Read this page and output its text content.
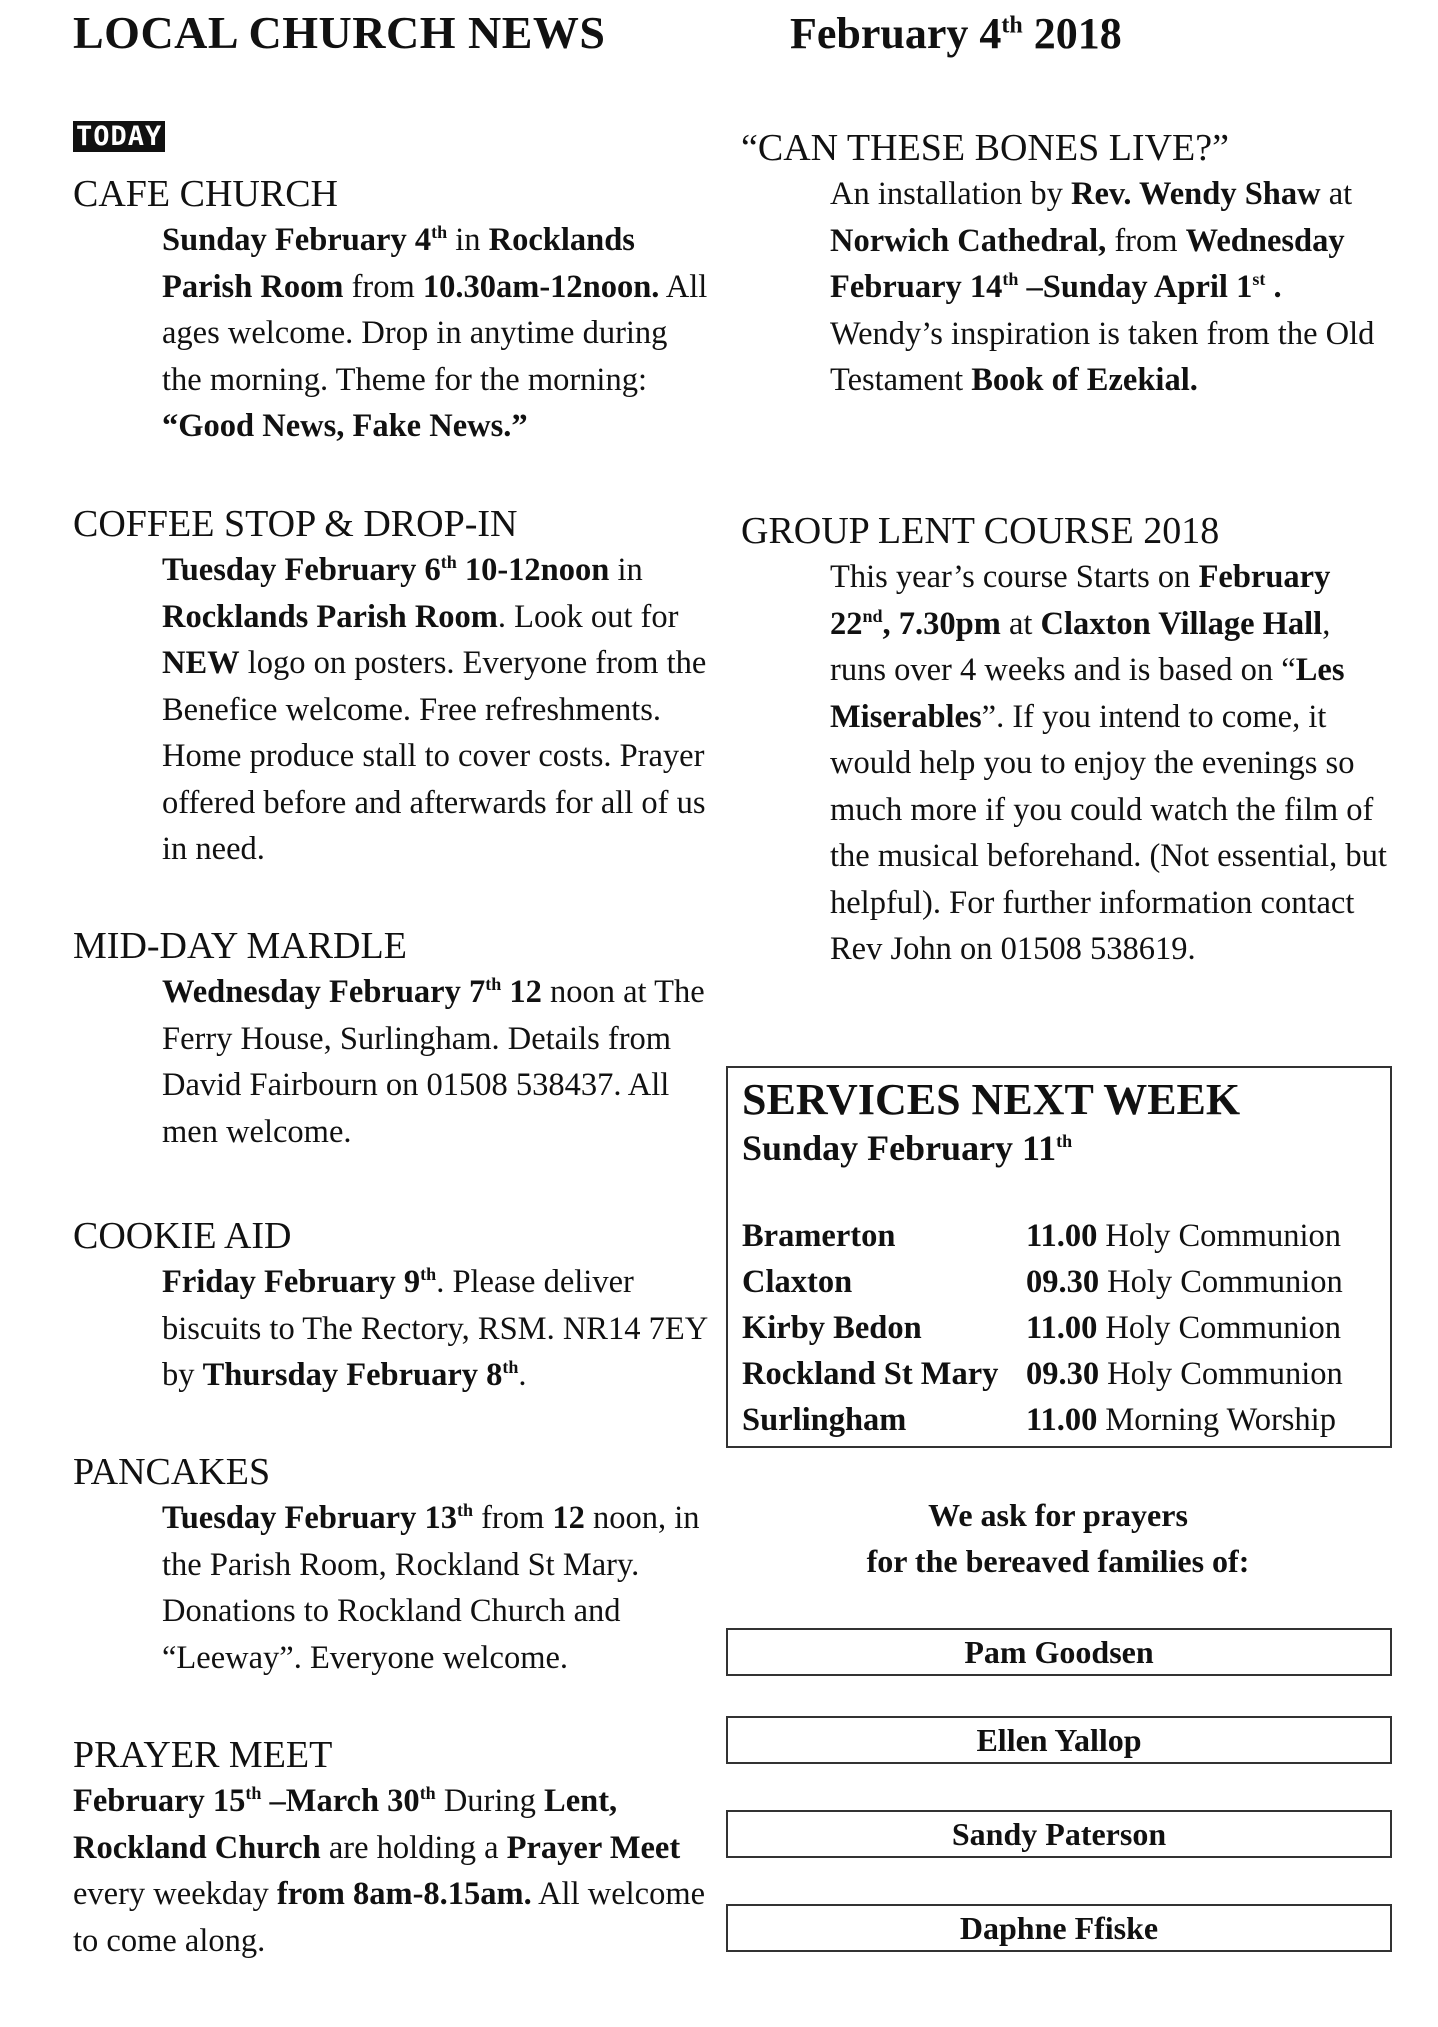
LOCAL CHURCH NEWS	February 4th 2018
TODAY

CAFE CHURCH

Sunday February 4th in Rocklands Parish Room from 10.30am-12noon. All ages welcome. Drop in anytime during the morning. Theme for the morning: “Good News, Fake News.”

COFFEE STOP & DROP-IN

Tuesday February 6th 10-12noon in Rocklands Parish Room. Look out for NEW logo on posters. Everyone from the Benefice welcome. Free refreshments. Home produce stall to cover costs. Prayer offered before and afterwards for all of us in need.

MID-DAY MARDLE

Wednesday February 7th 12 noon at The Ferry House, Surlingham. Details from David Fairbourn on 01508 538437. All men welcome.

COOKIE AID

Friday February 9th. Please deliver biscuits to The Rectory, RSM. NR14 7EY by Thursday February 8th.

PANCAKES

Tuesday February 13th from 12 noon, in the Parish Room, Rockland St Mary. Donations to Rockland Church and “Leeway”. Everyone welcome.

PRAYER MEET

February 15th –March 30th During Lent, Rockland Church are holding a Prayer Meet every weekday from 8am-8.15am. All welcome to come along.

“CAN THESE BONES LIVE?”

An installation by Rev. Wendy Shaw at Norwich Cathedral, from Wednesday February 14th –Sunday April 1st . Wendy’s inspiration is taken from the Old Testament Book of Ezekial.

GROUP LENT COURSE 2018

This year’s course Starts on February 22nd, 7.30pm at Claxton Village Hall, runs over 4 weeks and is based on “Les Miserables”. If you intend to come, it would help you to enjoy the evenings so much more if you could watch the film of the musical beforehand. (Not essential, but helpful). For further information contact Rev John on 01508 538619.

SERVICES NEXT WEEK
Sunday February 11th
Bramerton	11.00 Holy Communion
Claxton	09.30 Holy Communion
Kirby Bedon	11.00 Holy Communion
Rockland St Mary 09.30 Holy Communion
Surlingham	11.00 Morning Worship
We ask for prayers
for the bereaved families of:
Pam Goodsen
Ellen Yallop
Sandy Paterson
Daphne Ffiske
